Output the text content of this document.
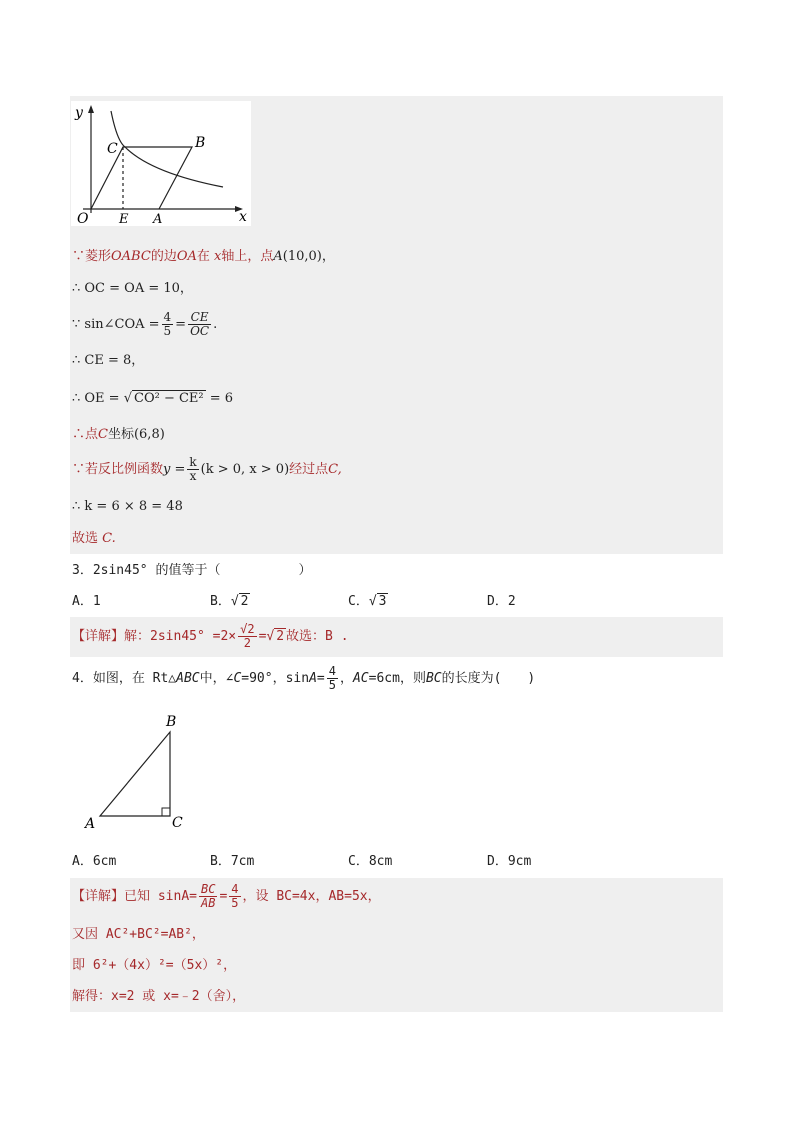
y
x
O E A
C	B
∵菱形OABC的边OA在 x轴上，点A(10,0)，
∴ OC = OA = 10，
∵ sin∠COA = $\frac{4}{5} = \frac{CE}{OC}$ .
∴ CE = 8，
∴ OE = √ CO² − CE² = 6
∴点C坐标(6,8)
∵若反比例函数$y = \frac{k}{x} (k > 0$, x > 0)经过点C,
∴ k = 6 × 8 = 48
故选 C.
3．2sin45° 的值等于（　　　　　　）
A．1	B．√ 2	C．√ 3	D．2
【详解】解：$2\sin 45^\circ =2\times \frac{√2}{2}$ =√ 2 故选：B .
4．如图，在 Rt△ABC中，∠C=90°，$\sin A= \frac{4}{5}$ ，AC=6cm，则BC的长度为(　　)
B
A	C
A．6cm	B．7cm	C．8cm	D．9cm
【详解】已知 $\sin A= \frac{BC}{AB} = \frac{4}{5}$ ，设 BC=4x，AB=5x，
又因 AC²+BC²=AB²，
即 6²+（4x）²=（5x）²，
解得：x=2 或 x=﹣2（舍），
